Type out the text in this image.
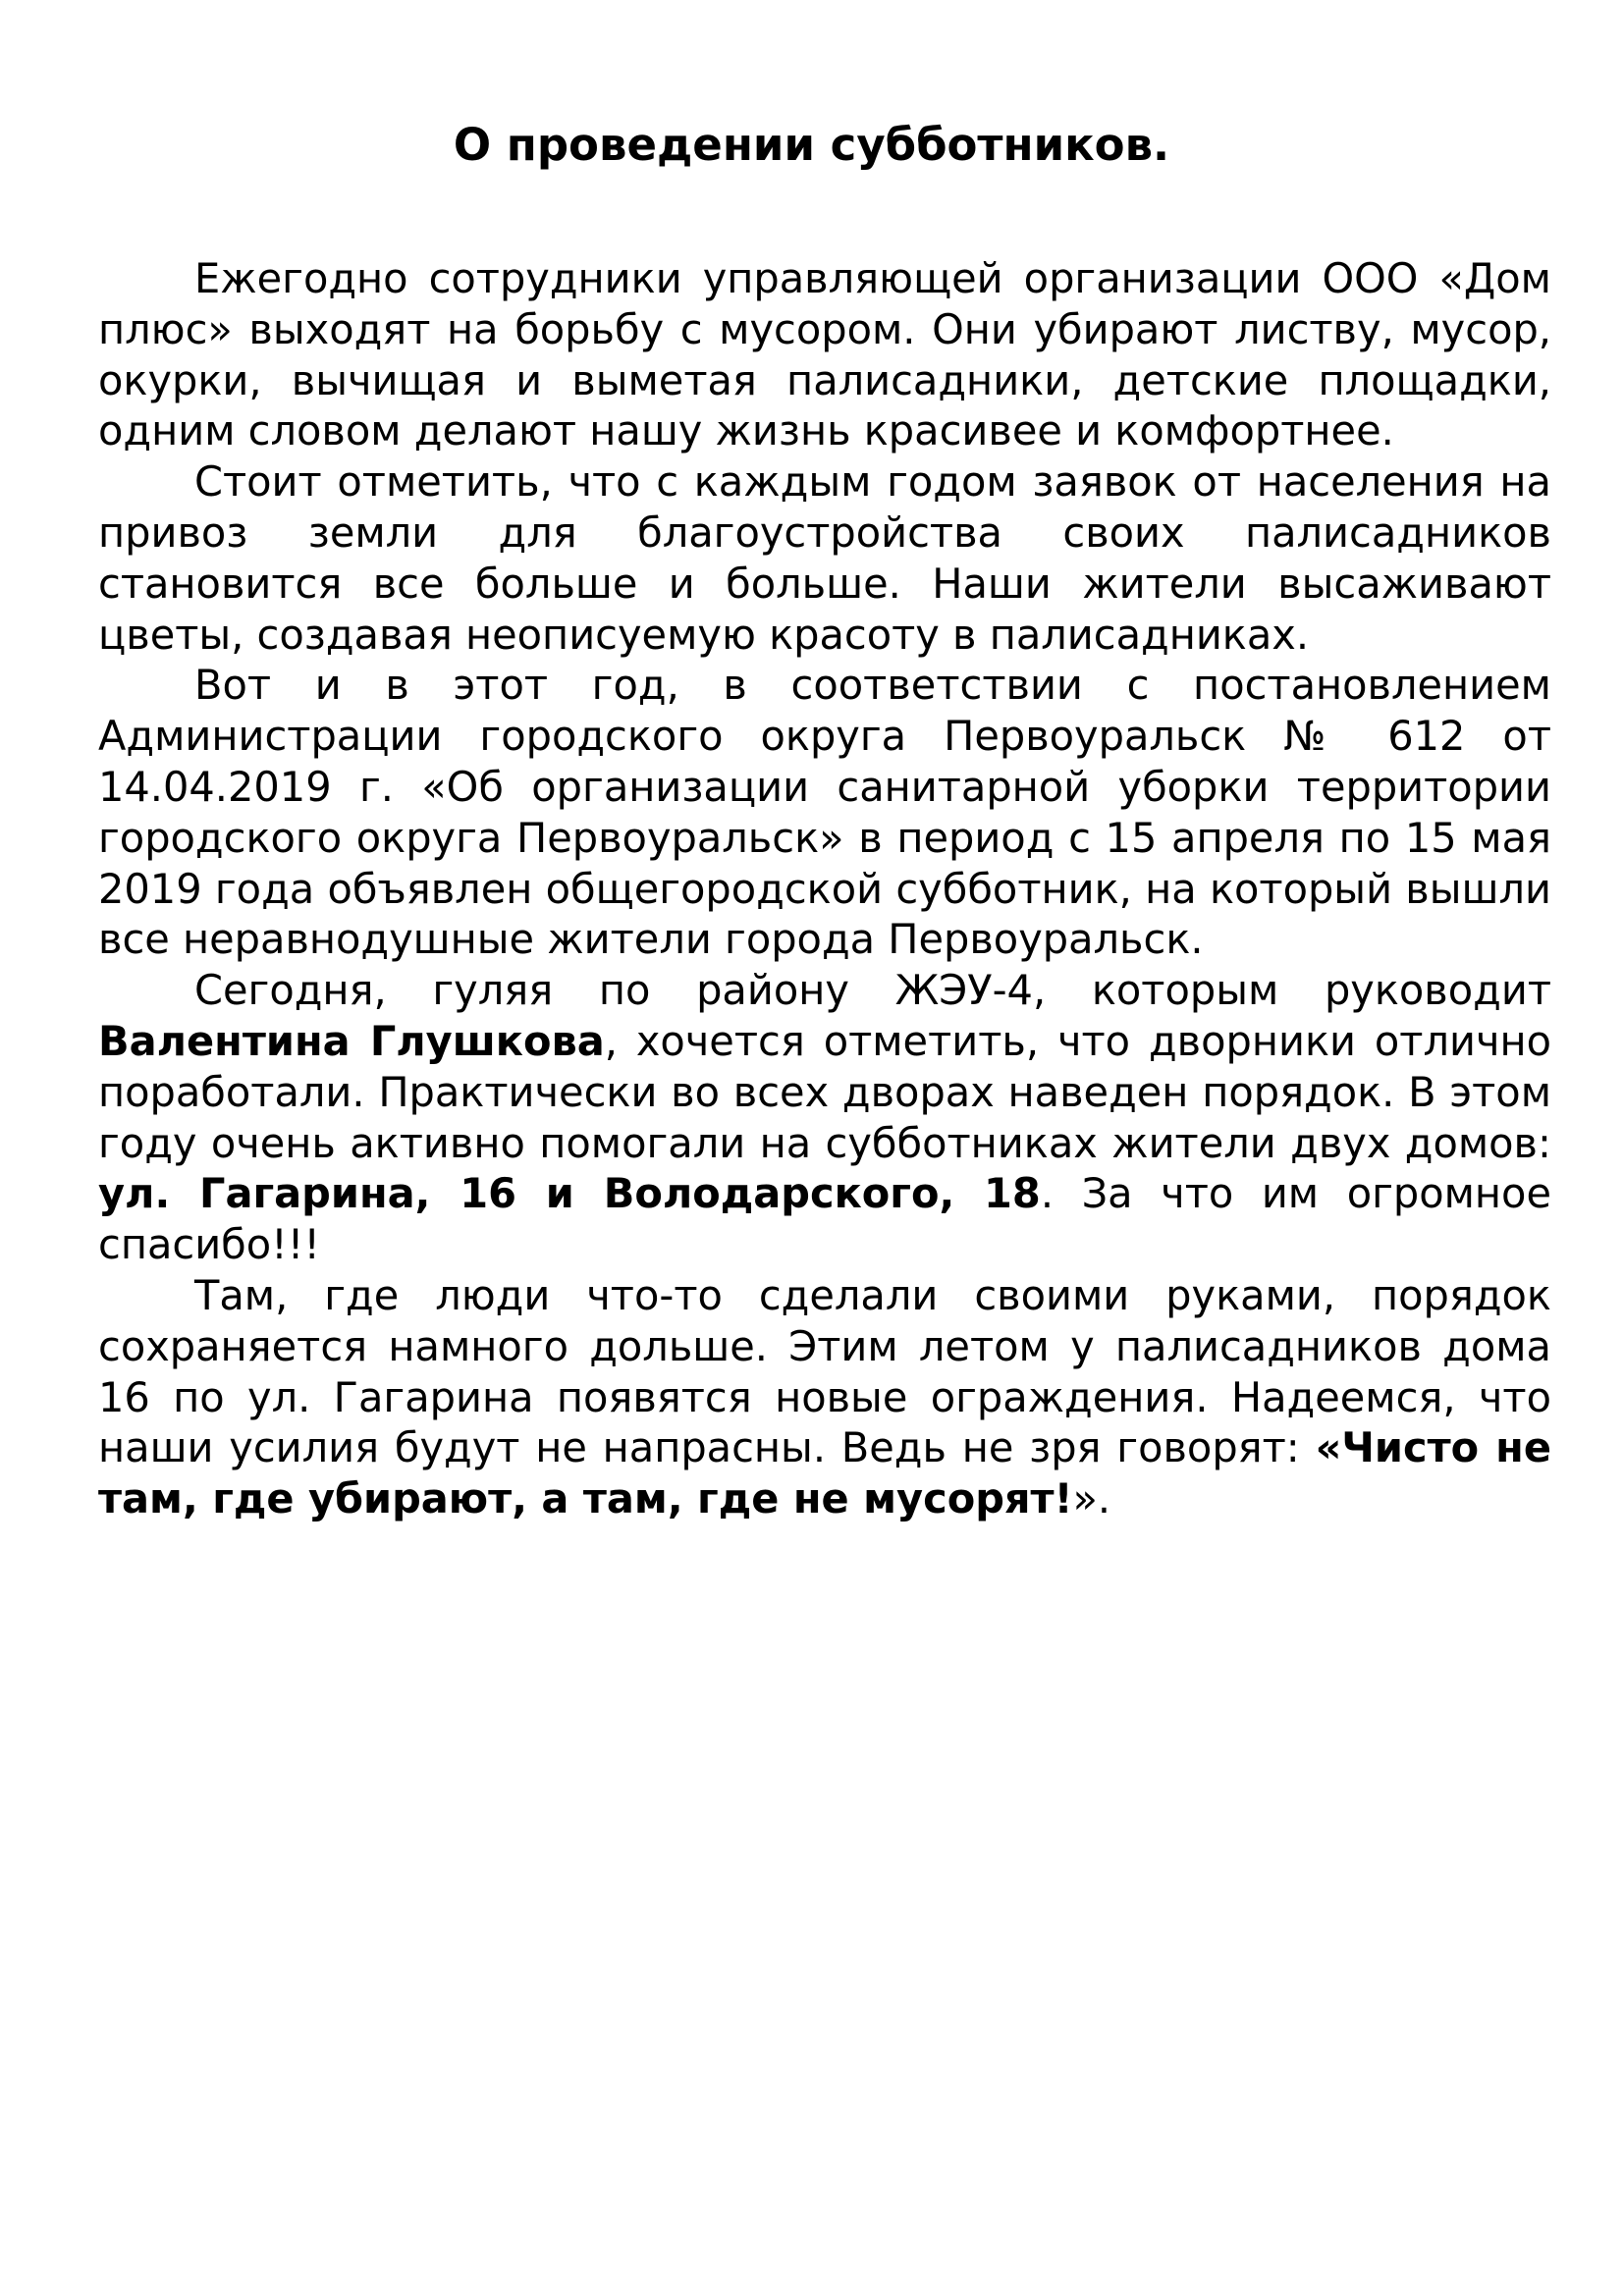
О проведении субботников.

Ежегодно сотрудники управляющей организации ООО «Дом плюс» выходят на борьбу с мусором. Они убирают листву, мусор, окурки, вычищая и выметая палисадники, детские площадки, одним словом делают нашу жизнь красивее и комфортнее.

Стоит отметить, что с каждым годом заявок от населения на привоз земли для благоустройства своих палисадников становится все больше и больше. Наши жители высаживают цветы, создавая неописуемую красоту в палисадниках.

Вот и в этот год, в соответствии с постановлением Администрации городского округа Первоуральск № 612 от 14.04.2019 г. «Об организации санитарной уборки территории городского округа Первоуральск» в период с 15 апреля по 15 мая 2019 года объявлен общегородской субботник, на который вышли все неравнодушные жители города Первоуральск.

Сегодня, гуляя по району ЖЭУ-4, которым руководит Валентина Глушкова, хочется отметить, что дворники отлично поработали. Практически во всех дворах наведен порядок. В этом году очень активно помогали на субботниках жители двух домов: ул. Гагарина, 16 и Володарского, 18. За что им огромное спасибо!!!

Там, где люди что-то сделали своими руками, порядок сохраняется намного дольше. Этим летом у палисадников дома 16 по ул. Гагарина появятся новые ограждения. Надеемся, что наши усилия будут не напрасны. Ведь не зря говорят: «Чисто не там, где убирают, а там, где не мусорят!».
